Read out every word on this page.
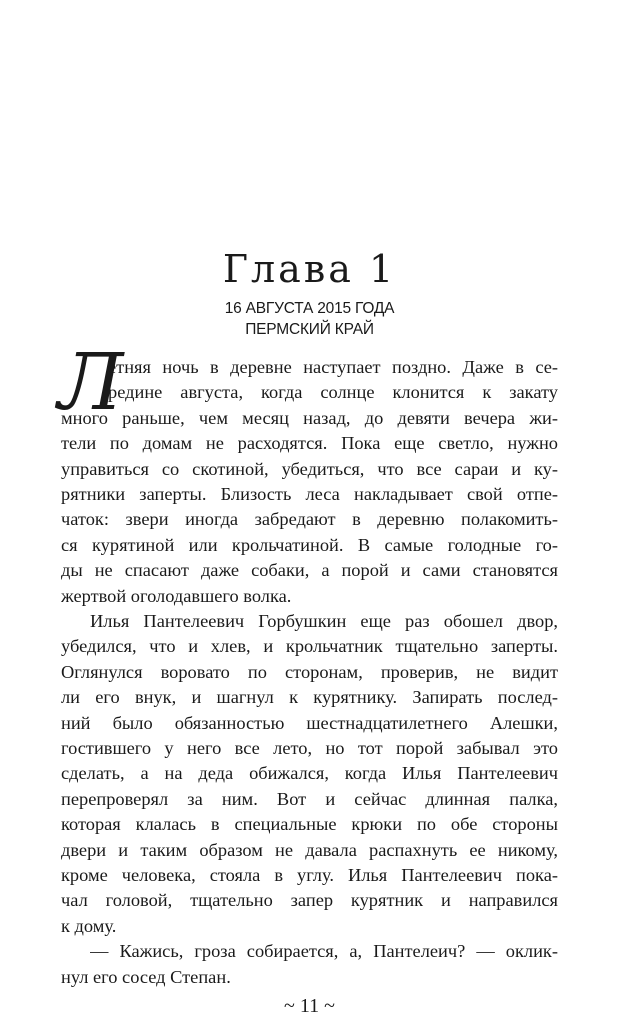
Глава 1
16 АВГУСТА 2015 ГОДА
ПЕРМСКИЙ КРАЙ
Л
етняя ночь в деревне наступает поздно. Даже в се-
редине августа, когда солнце клонится к закату
много раньше, чем месяц назад, до девяти вечера жи-
тели по домам не расходятся. Пока еще светло, нужно
управиться со скотиной, убедиться, что все сараи и ку-
рятники заперты. Близость леса накладывает свой отпе-
чаток: звери иногда забредают в деревню полакомить-
ся курятиной или крольчатиной. В самые голодные го-
ды не спасают даже собаки, а порой и сами становятся
жертвой оголодавшего волка.
Илья Пантелеевич Горбушкин еще раз обошел двор,
убедился, что и хлев, и крольчатник тщательно заперты.
Оглянулся воровато по сторонам, проверив, не видит
ли его внук, и шагнул к курятнику. Запирать послед-
ний было обязанностью шестнадцатилетнего Алешки,
гостившего у него все лето, но тот порой забывал это
сделать, а на деда обижался, когда Илья Пантелеевич
перепроверял за ним. Вот и сейчас длинная палка,
которая клалась в специальные крюки по обе стороны
двери и таким образом не давала распахнуть ее никому,
кроме человека, стояла в углу. Илья Пантелеевич пока-
чал головой, тщательно запер курятник и направился
к дому.
— Кажись, гроза собирается, а, Пантелеич? — оклик-
нул его сосед Степан.
~ 11 ~
